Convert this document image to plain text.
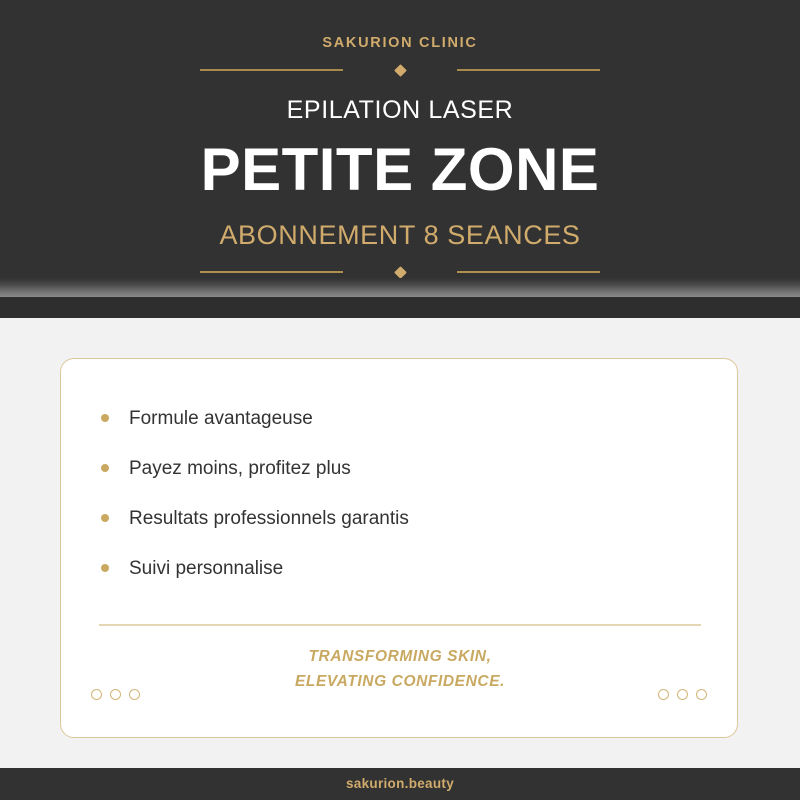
SAKURION CLINIC
EPILATION LASER
PETITE ZONE
ABONNEMENT 8 SEANCES
Formule avantageuse
Payez moins, profitez plus
Resultats professionnels garantis
Suivi personnalise
TRANSFORMING SKIN,
ELEVATING CONFIDENCE.
sakurion.beauty
